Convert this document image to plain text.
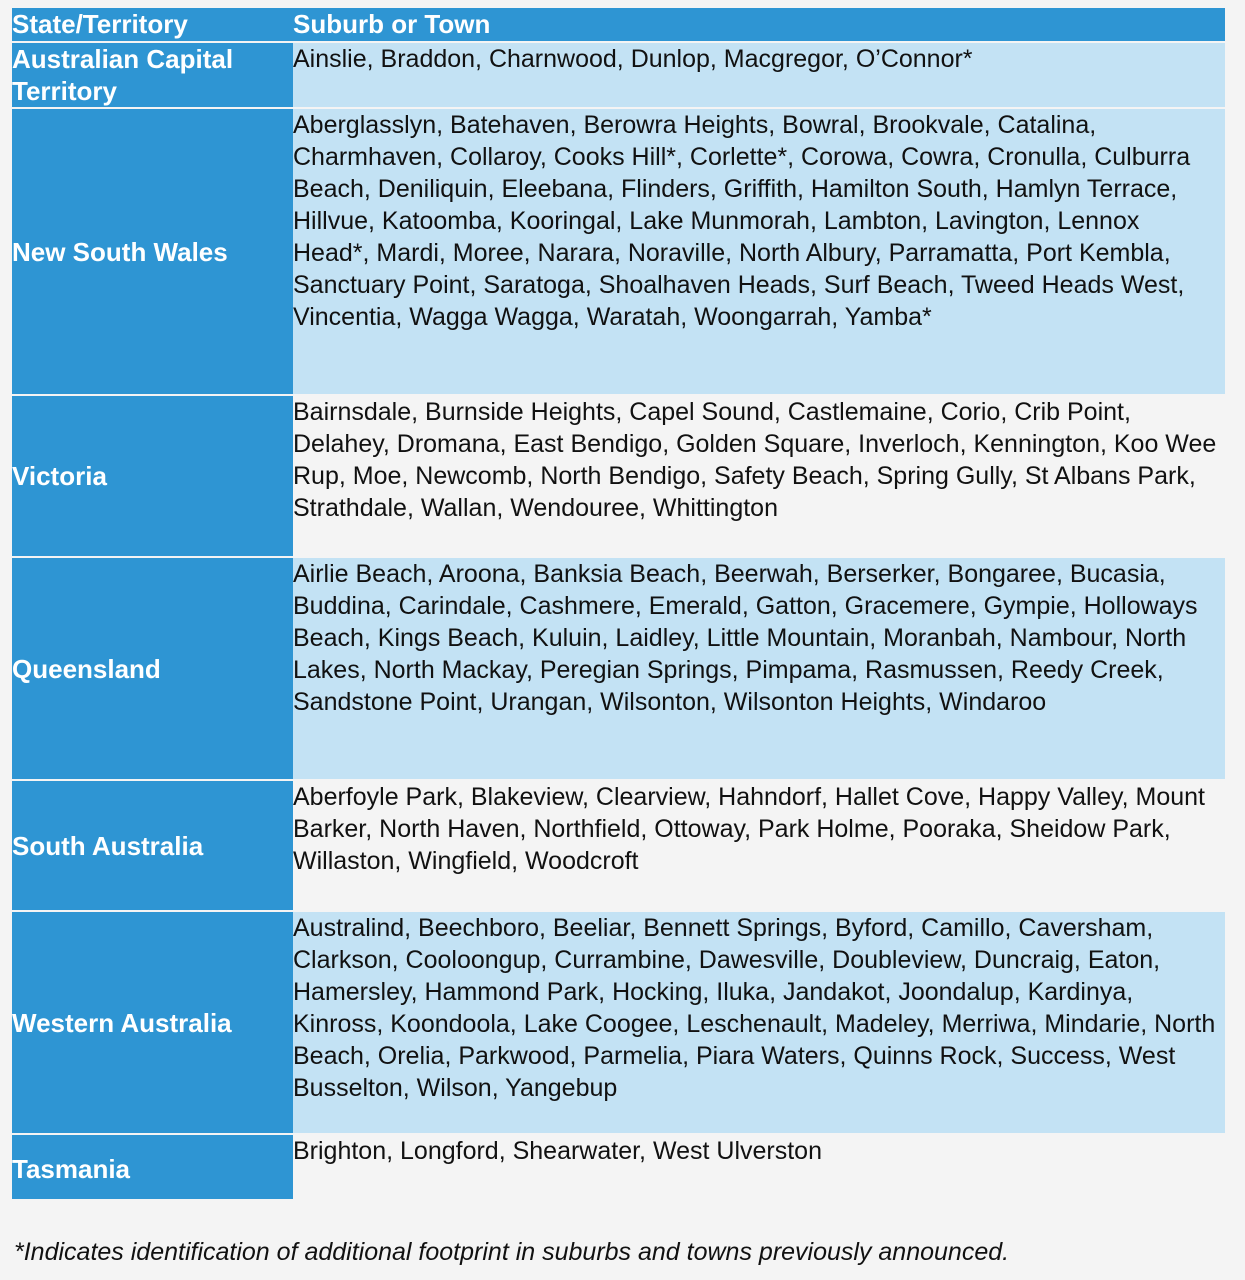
State/Territory	Suburb or Town
Australian Capital Territory
Ainslie, Braddon, Charnwood, Dunlop, Macgregor, O’Connor*
New South Wales
Aberglasslyn, Batehaven, Berowra Heights, Bowral, Brookvale, Catalina, Charmhaven, Collaroy, Cooks Hill*, Corlette*, Corowa, Cowra, Cronulla, Culburra Beach, Deniliquin, Eleebana, Flinders, Griffith, Hamilton South, Hamlyn Terrace, Hillvue, Katoomba, Kooringal, Lake Munmorah, Lambton, Lavington, Lennox Head*, Mardi, Moree, Narara, Noraville, North Albury, Parramatta, Port Kembla, Sanctuary Point, Saratoga, Shoalhaven Heads, Surf Beach, Tweed Heads West, Vincentia, Wagga Wagga, Waratah, Woongarrah, Yamba*
Victoria
Bairnsdale, Burnside Heights, Capel Sound, Castlemaine, Corio, Crib Point, Delahey, Dromana, East Bendigo, Golden Square, Inverloch, Kennington, Koo Wee Rup, Moe, Newcomb, North Bendigo, Safety Beach, Spring Gully, St Albans Park, Strathdale, Wallan, Wendouree, Whittington
Queensland
Airlie Beach, Aroona, Banksia Beach, Beerwah, Berserker, Bongaree, Bucasia, Buddina, Carindale, Cashmere, Emerald, Gatton, Gracemere, Gympie, Holloways Beach, Kings Beach, Kuluin, Laidley, Little Mountain, Moranbah, Nambour, North Lakes, North Mackay, Peregian Springs, Pimpama, Rasmussen, Reedy Creek, Sandstone Point, Urangan, Wilsonton, Wilsonton Heights, Windaroo
South Australia
Aberfoyle Park, Blakeview, Clearview, Hahndorf, Hallet Cove, Happy Valley, Mount Barker, North Haven, Northfield, Ottoway, Park Holme, Pooraka, Sheidow Park, Willaston, Wingfield, Woodcroft
Western Australia
Australind, Beechboro, Beeliar, Bennett Springs, Byford, Camillo, Caversham, Clarkson, Cooloongup, Currambine, Dawesville, Doubleview, Duncraig, Eaton, Hamersley, Hammond Park, Hocking, Iluka, Jandakot, Joondalup, Kardinya, Kinross, Koondoola, Lake Coogee, Leschenault, Madeley, Merriwa, Mindarie, North Beach, Orelia, Parkwood, Parmelia, Piara Waters, Quinns Rock, Success, West Busselton, Wilson, Yangebup
Tasmania
Brighton, Longford, Shearwater, West Ulverston
*Indicates identification of additional footprint in suburbs and towns previously announced.
